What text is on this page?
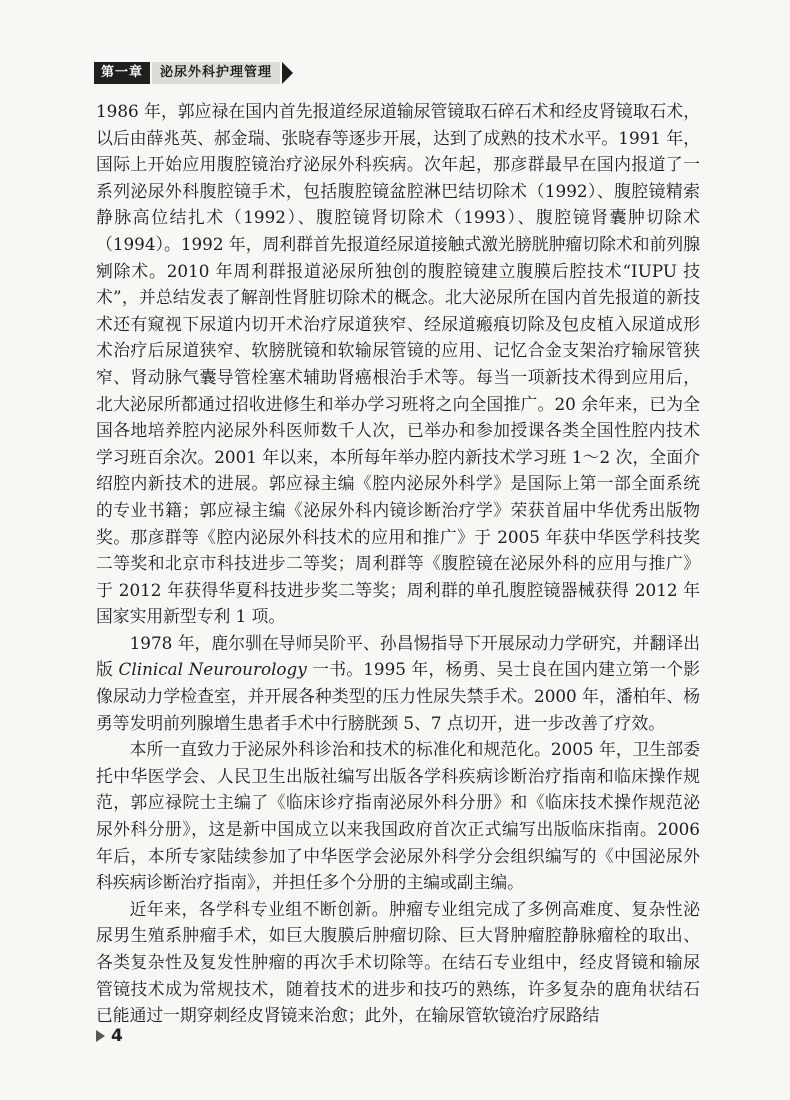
第一章	泌尿外科护理管理

1986 年，郭应禄在国内首先报道经尿道输尿管镜取石碎石术和经皮肾镜取石术，以后由薛兆英、郝金瑞、张晓春等逐步开展，达到了成熟的技术水平。1991 年，国际上开始应用腹腔镜治疗泌尿外科疾病。次年起，那彦群最早在国内报道了一系列泌尿外科腹腔镜手术，包括腹腔镜盆腔淋巴结切除术（1992）、腹腔镜精索静脉高位结扎术（1992）、腹腔镜肾切除术（1993）、腹腔镜肾囊肿切除术（1994）。1992 年，周利群首先报道经尿道接触式激光膀胱肿瘤切除术和前列腺剜除术。2010 年周利群报道泌尿所独创的腹腔镜建立腹膜后腔技术“IUPU 技术”，并总结发表了解剖性肾脏切除术的概念。北大泌尿所在国内首先报道的新技术还有窥视下尿道内切开术治疗尿道狭窄、经尿道瘢痕切除及包皮植入尿道成形术治疗后尿道狭窄、软膀胱镜和软输尿管镜的应用、记忆合金支架治疗输尿管狭窄、肾动脉气囊导管栓塞术辅助肾癌根治手术等。每当一项新技术得到应用后，北大泌尿所都通过招收进修生和举办学习班将之向全国推广。20 余年来，已为全国各地培养腔内泌尿外科医师数千人次，已举办和参加授课各类全国性腔内技术学习班百余次。2001 年以来，本所每年举办腔内新技术学习班 1～2 次，全面介绍腔内新技术的进展。郭应禄主编《腔内泌尿外科学》是国际上第一部全面系统的专业书籍；郭应禄主编《泌尿外科内镜诊断治疗学》荣获首届中华优秀出版物奖。那彦群等《腔内泌尿外科技术的应用和推广》于 2005 年获中华医学科技奖二等奖和北京市科技进步二等奖；周利群等《腹腔镜在泌尿外科的应用与推广》于 2012 年获得华夏科技进步奖二等奖；周利群的单孔腹腔镜器械获得 2012 年国家实用新型专利 1 项。

1978 年，鹿尔驯在导师吴阶平、孙昌惕指导下开展尿动力学研究，并翻译出版 Clinical Neurourology 一书。1995 年，杨勇、吴士良在国内建立第一个影像尿动力学检查室，并开展各种类型的压力性尿失禁手术。2000 年，潘柏年、杨勇等发明前列腺增生患者手术中行膀胱颈 5、7 点切开，进一步改善了疗效。

本所一直致力于泌尿外科诊治和技术的标准化和规范化。2005 年，卫生部委托中华医学会、人民卫生出版社编写出版各学科疾病诊断治疗指南和临床操作规范，郭应禄院士主编了《临床诊疗指南泌尿外科分册》和《临床技术操作规范泌尿外科分册》，这是新中国成立以来我国政府首次正式编写出版临床指南。2006 年后，本所专家陆续参加了中华医学会泌尿外科学分会组织编写的《中国泌尿外科疾病诊断治疗指南》，并担任多个分册的主编或副主编。

近年来，各学科专业组不断创新。肿瘤专业组完成了多例高难度、复杂性泌尿男生殖系肿瘤手术，如巨大腹膜后肿瘤切除、巨大肾肿瘤腔静脉瘤栓的取出、各类复杂性及复发性肿瘤的再次手术切除等。在结石专业组中，经皮肾镜和输尿管镜技术成为常规技术，随着技术的进步和技巧的熟练，许多复杂的鹿角状结石已能通过一期穿刺经皮肾镜来治愈；此外，在输尿管软镜治疗尿路结

4
